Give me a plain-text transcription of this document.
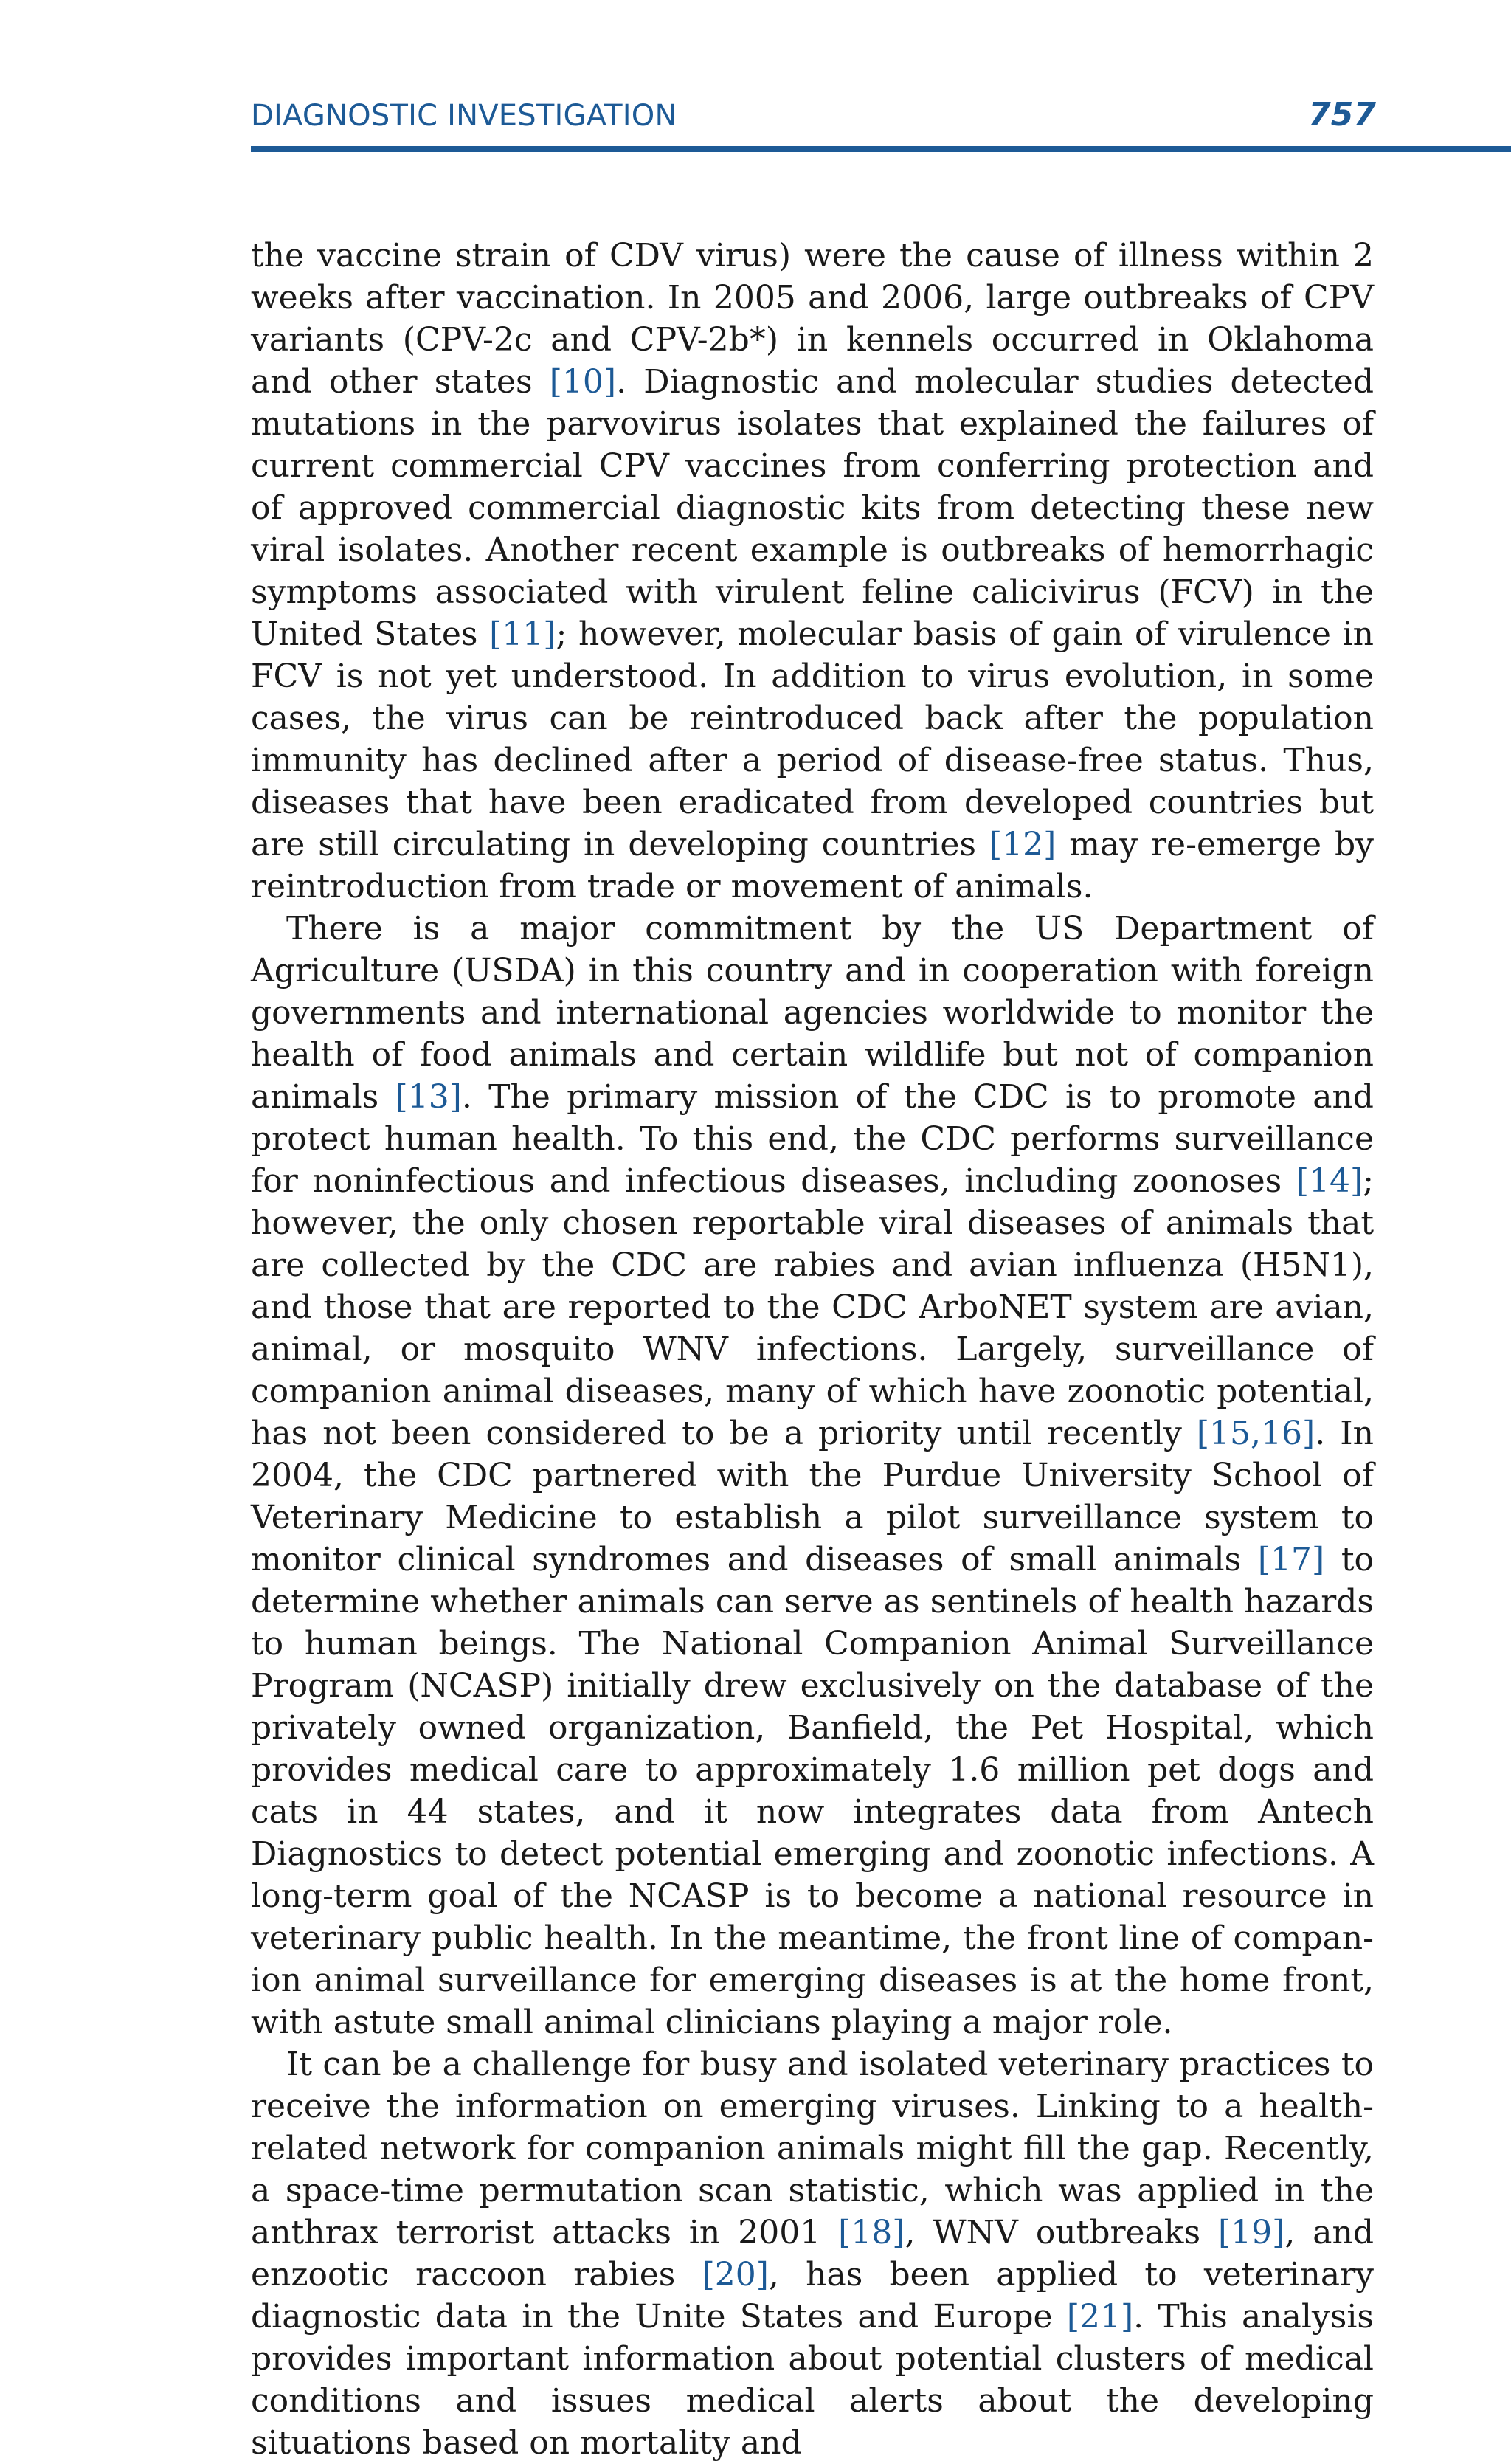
DIAGNOSTIC INVESTIGATION	757

the vaccine strain of CDV virus) were the cause of illness within 2 weeks after vaccination. In 2005 and 2006, large outbreaks of CPV variants (CPV-2c and CPV-2b*) in kennels occurred in Oklahoma and other states [10]. Diagnostic and molecular studies detected mutations in the parvovirus isolates that explained the failures of current commercial CPV vaccines from conferring protection and of approved commercial diagnostic kits from detecting these new viral isolates. Another recent example is outbreaks of hemorrhagic symptoms associated with virulent feline calicivirus (FCV) in the United States [11]; however, molecular basis of gain of virulence in FCV is not yet understood. In addition to virus evolution, in some cases, the virus can be reintroduced back after the population immunity has declined after a period of disease-free status. Thus, diseases that have been eradicated from developed countries but are still circulating in developing countries [12] may re-emerge by reintroduction from trade or movement of animals.

There is a major commitment by the US Department of Agriculture (USDA) in this country and in cooperation with foreign governments and international agencies worldwide to monitor the health of food animals and certain wildlife but not of companion animals [13]. The primary mission of the CDC is to promote and protect human health. To this end, the CDC performs surveillance for noninfectious and infectious diseases, including zoonoses [14]; however, the only chosen reportable viral diseases of animals that are collected by the CDC are rabies and avian influenza (H5N1), and those that are reported to the CDC ArboNET system are avian, animal, or mosquito WNV infections. Largely, surveillance of companion animal diseases, many of which have zoonotic potential, has not been considered to be a priority until recently [15,16]. In 2004, the CDC partnered with the Purdue University School of Veterinary Medicine to establish a pilot surveillance system to monitor clinical syndromes and diseases of small animals [17] to determine whether animals can serve as sentinels of health hazards to human beings. The National Companion Animal Surveillance Program (NCASP) initially drew exclusively on the database of the privately owned organization, Banfield, the Pet Hospital, which provides medical care to approximately 1.6 million pet dogs and cats in 44 states, and it now integrates data from Antech Diagnostics to detect potential emerging and zoonotic infections. A long-term goal of the NCASP is to become a national resource in veterinary public health. In the meantime, the front line of companion animal surveillance for emerging diseases is at the home front, with astute small animal clinicians playing a major role.

It can be a challenge for busy and isolated veterinary practices to receive the information on emerging viruses. Linking to a health-related network for companion animals might fill the gap. Recently, a space-time permutation scan statistic, which was applied in the anthrax terrorist attacks in 2001 [18], WNV outbreaks [19], and enzootic raccoon rabies [20], has been applied to veterinary diagnostic data in the Unite States and Europe [21]. This analysis provides important information about potential clusters of medical conditions and issues medical alerts about the developing situations based on mortality and
